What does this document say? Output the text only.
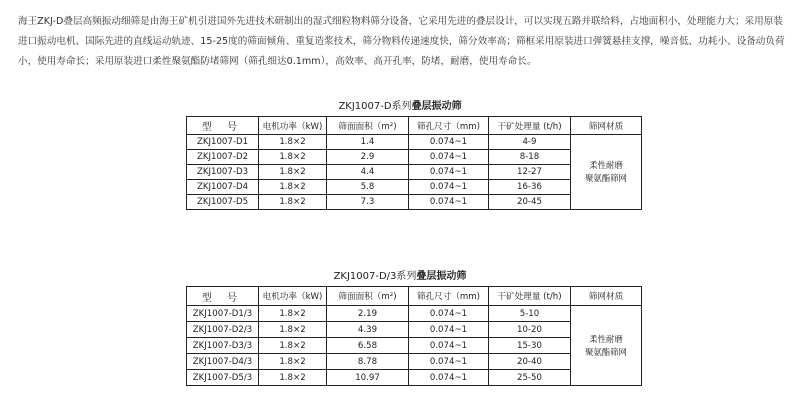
海王ZKJ-D叠层高频振动细筛是由海王矿机引进国外先进技术研制出的湿式细粒物料筛分设备，它采用先进的叠层设计，可以实现五路并联给料，占地面积小，处理能力大；采用原装进口振动电机、国际先进的直线运动轨迹、15-25度的筛面倾角、重复造浆技术，筛分物料传递速度快，筛分效率高；筛框采用原装进口弹簧悬挂支撑，噪音低、功耗小、设备动负荷小，使用寿命长；采用原装进口柔性聚氨酯防堵筛网（筛孔细达0.1mm），高效率、高开孔率，防堵，耐磨，使用寿命长。

ZKJ1007-D系列叠层振动筛
型 号	电机功率（kW)	筛面面积（m²)	筛孔尺寸（mm)	干矿处理量 (t/h)	筛网材质
ZKJ1007-D1	1.8×2	1.4	0.074~1	4-9	柔性耐磨
聚氨酯筛网
ZKJ1007-D2	1.8×2	2.9	0.074~1	8-18	
ZKJ1007-D3	1.8×2	4.4	0.074~1	12-27	
ZKJ1007-D4	1.8×2	5.8	0.074~1	16-36	
ZKJ1007-D5	1.8×2	7.3	0.074~1	20-45	
ZKJ1007-D/3系列叠层振动筛
型 号	电机功率（kW)	筛面面积（m²)	筛孔尺寸（mm)	干矿处理量 (t/h)	筛网材质
ZKJ1007-D1/3	1.8×2	2.19	0.074~1	5-10	柔性耐磨
聚氨酯筛网
ZKJ1007-D2/3	1.8×2	4.39	0.074~1	10-20	
ZKJ1007-D3/3	1.8×2	6.58	0.074~1	15-30	
ZKJ1007-D4/3	1.8×2	8.78	0.074~1	20-40	
ZKJ1007-D5/3	1.8×2	10.97	0.074~1	25-50	
